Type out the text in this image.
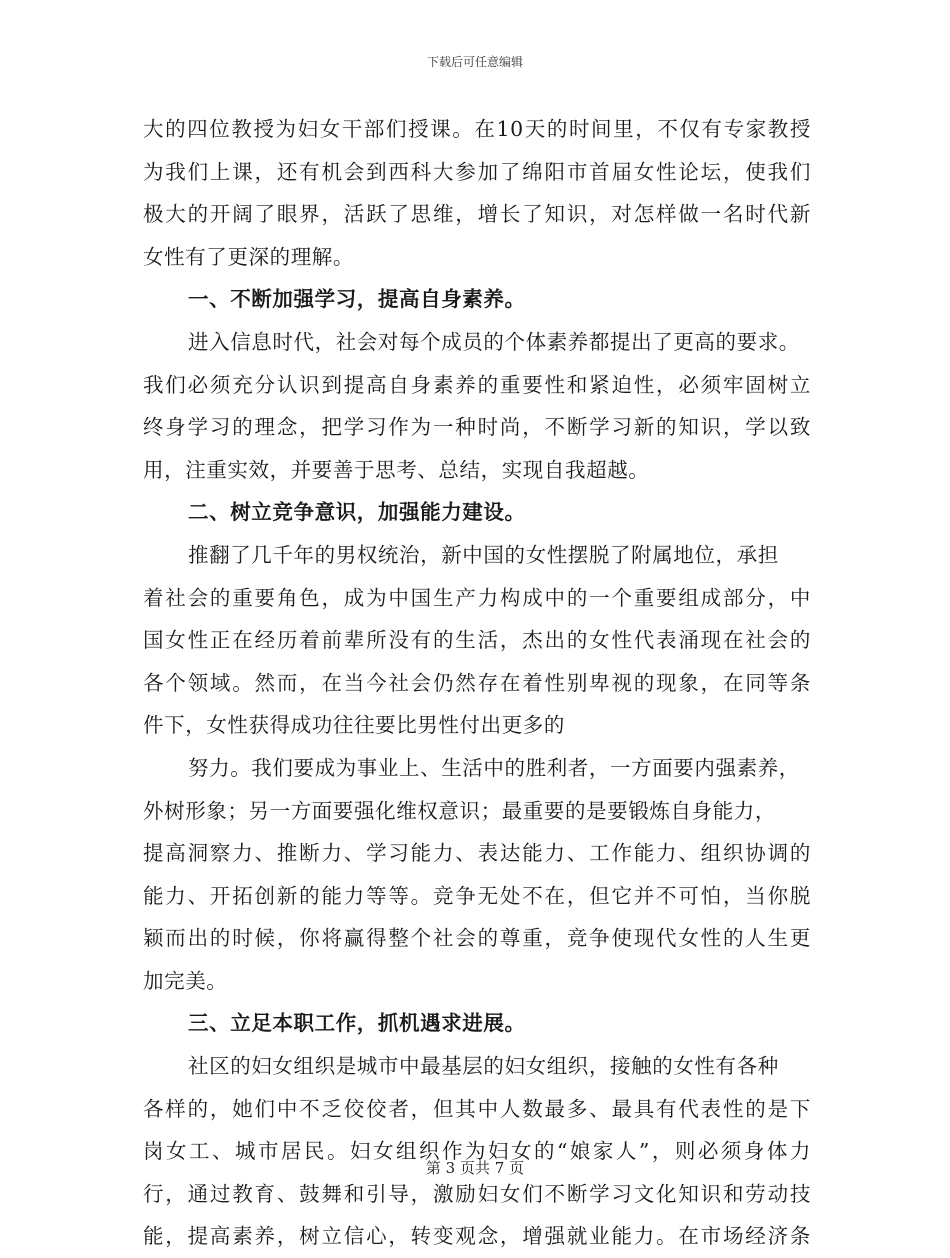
下载后可任意编辑
大的四位教授为妇女干部们授课。在10天的时间里，不仅有专家教授
为我们上课，还有机会到西科大参加了绵阳市首届女性论坛，使我们
极大的开阔了眼界，活跃了思维，增长了知识，对怎样做一名时代新
女性有了更深的理解。
一、不断加强学习，提高自身素养。
进入信息时代，社会对每个成员的个体素养都提出了更高的要求。
我们必须充分认识到提高自身素养的重要性和紧迫性，必须牢固树立
终身学习的理念，把学习作为一种时尚，不断学习新的知识，学以致
用，注重实效，并要善于思考、总结，实现自我超越。
二、树立竞争意识，加强能力建设。
推翻了几千年的男权统治，新中国的女性摆脱了附属地位，承担
着社会的重要角色，成为中国生产力构成中的一个重要组成部分，中
国女性正在经历着前辈所没有的生活，杰出的女性代表涌现在社会的
各个领域。然而，在当今社会仍然存在着性别卑视的现象，在同等条
件下，女性获得成功往往要比男性付出更多的
努力。我们要成为事业上、生活中的胜利者，一方面要内强素养，
外树形象；另一方面要强化维权意识；最重要的是要锻炼自身能力，
提高洞察力、推断力、学习能力、表达能力、工作能力、组织协调的
能力、开拓创新的能力等等。竞争无处不在，但它并不可怕，当你脱
颖而出的时候，你将赢得整个社会的尊重，竞争使现代女性的人生更
加完美。
三、立足本职工作，抓机遇求进展。
社区的妇女组织是城市中最基层的妇女组织，接触的女性有各种
各样的，她们中不乏佼佼者，但其中人数最多、最具有代表性的是下
岗女工、城市居民。妇女组织作为妇女的“娘家人”，则必须身体力
行，通过教育、鼓舞和引导，激励妇女们不断学习文化知识和劳动技
能，提高素养，树立信心，转变观念，增强就业能力。在市场经济条
第 3 页共 7 页
